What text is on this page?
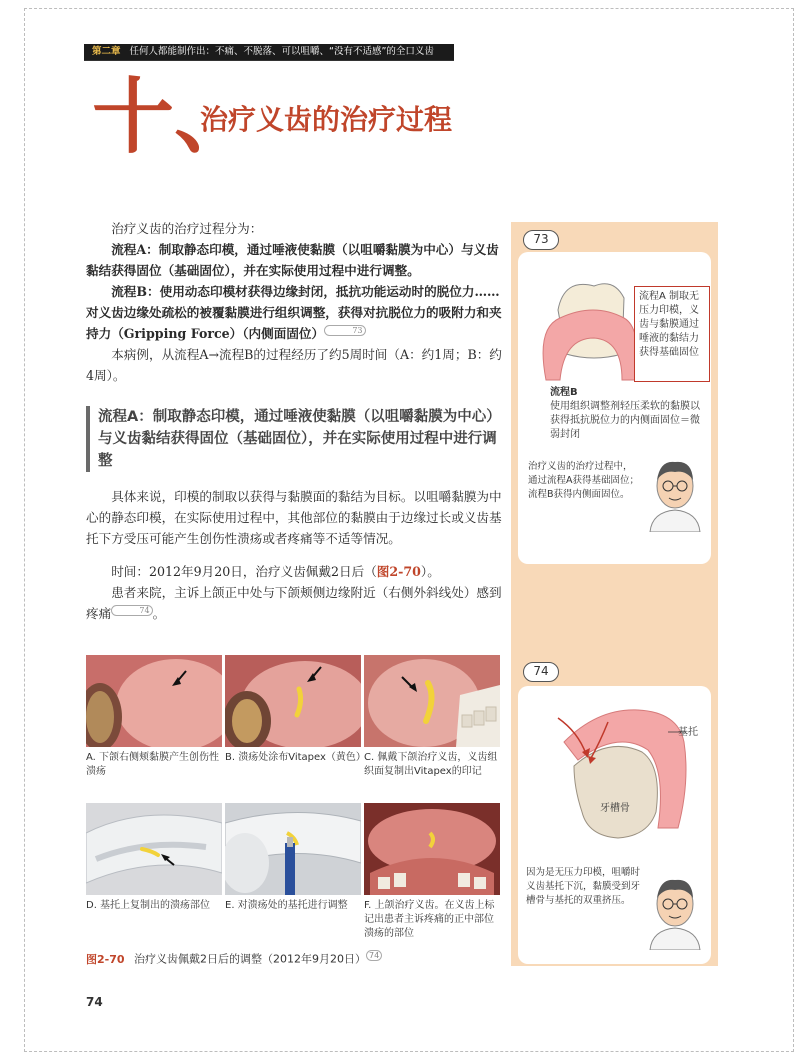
第二章 任何人都能制作出：不痛、不脱落、可以咀嚼、“没有不适感”的全口义齿
十、
治疗义齿的治疗过程

治疗义齿的治疗过程分为：

流程A：制取静态印模，通过唾液使黏膜（以咀嚼黏膜为中心）与义齿黏结获得固位（基础固位），并在实际使用过程中进行调整。

流程B：使用动态印模材获得边缘封闭，抵抗功能运动时的脱位力……对义齿边缘处疏松的被覆黏膜进行组织调整，获得对抗脱位力的吸附力和夹持力（Gripping Force）（内侧面固位）	73

本病例，从流程A→流程B的过程经历了约5周时间（A：约1周；B：约4周）。

流程A：制取静态印模，通过唾液使黏膜（以咀嚼黏膜为中心）与义齿黏结获得固位（基础固位），并在实际使用过程中进行调整

具体来说，印模的制取以获得与黏膜面的黏结为目标。以咀嚼黏膜为中心的静态印模，在实际使用过程中，其他部位的黏膜由于边缘过长或义齿基托下方受压可能产生创伤性溃疡或者疼痛等不适等情况。

时间：2012年9月20日，治疗义齿佩戴2日后（图2-70）。

患者来院，主诉上颌正中处与下颌颊侧边缘附近（右侧外斜线处）感到疼痛	74 。

A. 下颌右侧颊黏膜产生创伤性溃疡
B. 溃疡处涂布Vitapex（黄色）
C. 佩戴下颌治疗义齿，义齿组织面复制出Vitapex的印记
D. 基托上复制出的溃疡部位	E. 对溃疡处的基托进行调整	F. 上颌治疗义齿。在义齿上标记出患者主诉疼痛的正中部位溃疡的部位
图2-70 治疗义齿佩戴2日后的调整（2012年9月20日） 74
74
流程A 制取无压力印模，义齿与黏膜通过唾液的黏结力获得基础固位
流程B
使用组织调整剂轻压柔软的黏膜以获得抵抗脱位力的内侧面固位＝微弱封闭
治疗义齿的治疗过程中，通过流程A获得基础固位；流程B获得内侧面固位。
基托
牙槽骨
因为是无压力印模，咀嚼时义齿基托下沉，黏膜受到牙槽骨与基托的双重挤压。
73
74
